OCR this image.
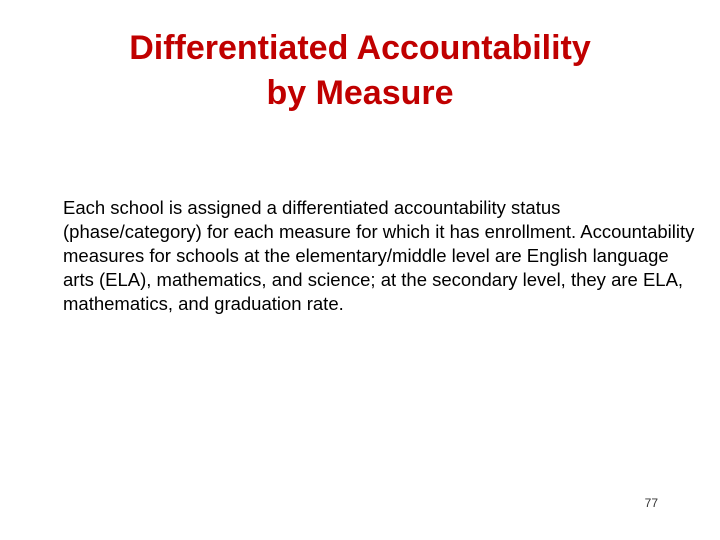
Differentiated Accountability
by Measure

Each school is assigned a differentiated accountability status (phase/category) for each measure for which it has enrollment. Accountability measures for schools at the elementary/middle level are English language arts (ELA), mathematics, and science; at the secondary level, they are ELA, mathematics, and graduation rate.

77
